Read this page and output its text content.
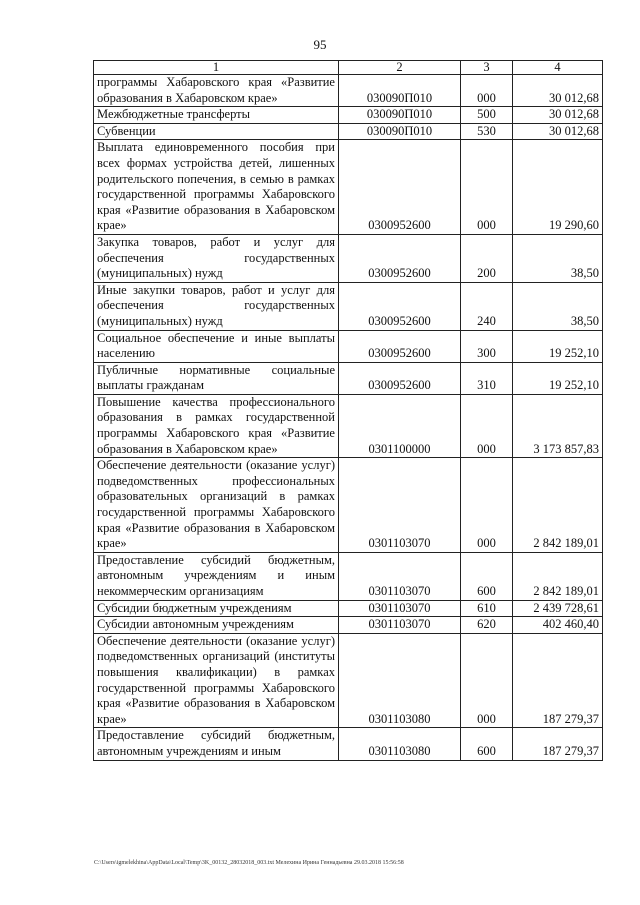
95
1	2	3	4
программы Хабаровского края «Развитие образования в Хабаровском крае»	030090П010	000	30 012,68
Межбюджетные трансферты	030090П010	500	30 012,68
Субвенции	030090П010	530	30 012,68
Выплата единовременного пособия при всех формах устройства детей, лишенных родительского попечения, в семью в рамках государственной программы Хабаровского края «Развитие образования в Хабаровском крае»	0300952600	000	19 290,60
Закупка товаров, работ и услуг для обеспечения государственных (муниципальных) нужд	0300952600	200	38,50
Иные закупки товаров, работ и услуг для обеспечения государственных (муниципальных) нужд	0300952600	240	38,50
Социальное обеспечение и иные выплаты населению	0300952600	300	19 252,10
Публичные нормативные социальные выплаты гражданам	0300952600	310	19 252,10
Повышение качества профессионального образования в рамках государственной программы Хабаровского края «Развитие образования в Хабаровском крае»	0301100000	000	3 173 857,83
Обеспечение деятельности (оказание услуг) подведомственных профессиональных образовательных организаций в рамках государственной программы Хабаровского края «Развитие образования в Хабаровском крае»	0301103070	000	2 842 189,01
Предоставление субсидий бюджетным, автономным учреждениям и иным некоммерческим организациям	0301103070	600	2 842 189,01
Субсидии бюджетным учреждениям	0301103070	610	2 439 728,61
Субсидии автономным учреждениям	0301103070	620	402 460,40
Обеспечение деятельности (оказание услуг) подведомственных организаций (институты повышения квалификации) в рамках государственной программы Хабаровского края «Развитие образования в Хабаровском крае»	0301103080	000	187 279,37
Предоставление субсидий бюджетным, автономным учреждениям и иным	0301103080	600	187 279,37
C:\Users\igmelekhina\AppData\Local\Temp\3K_00132_28032018_003.txt Мелехина Ирина Геннадьевна 29.03.2018 15:56:58
